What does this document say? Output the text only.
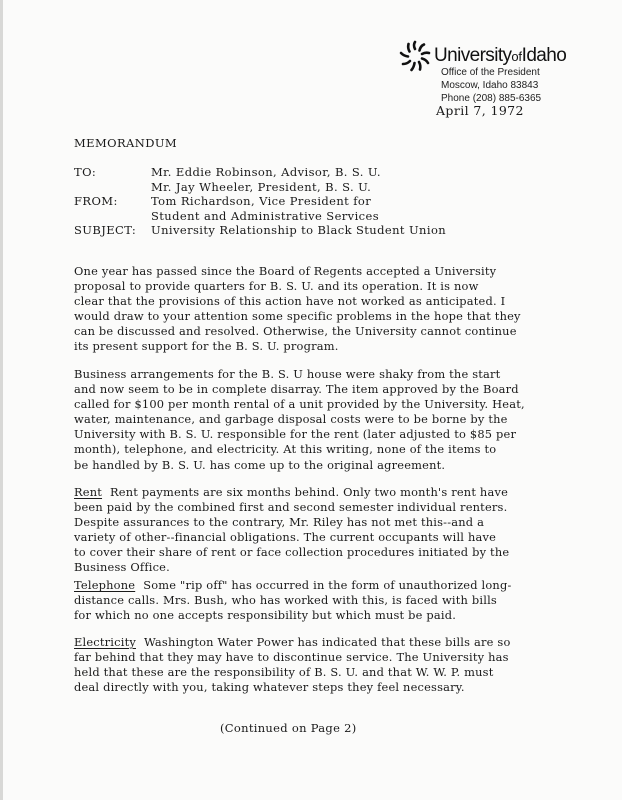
UniversityofIdaho
Office of the President
Moscow, Idaho 83843
Phone (208) 885-6365
April 7, 1972
MEMORANDUM
TO:	Mr. Eddie Robinson, Advisor, B. S. U.
Mr. Jay Wheeler, President, B. S. U.
FROM:	Tom Richardson, Vice President for
Student and Administrative Services
SUBJECT: University Relationship to Black Student Union
One year has passed since the Board of Regents accepted a University
proposal to provide quarters for B. S. U. and its operation. It is now
clear that the provisions of this action have not worked as anticipated. I
would draw to your attention some specific problems in the hope that they
can be discussed and resolved. Otherwise, the University cannot continue
its present support for the B. S. U. program.
Business arrangements for the B. S. U house were shaky from the start
and now seem to be in complete disarray. The item approved by the Board
called for $100 per month rental of a unit provided by the University. Heat,
water, maintenance, and garbage disposal costs were to be borne by the
University with B. S. U. responsible for the rent (later adjusted to $85 per
month), telephone, and electricity. At this writing, none of the items to
be handled by B. S. U. has come up to the original agreement.
Rent Rent payments are six months behind. Only two month's rent have
been paid by the combined first and second semester individual renters.
Despite assurances to the contrary, Mr. Riley has not met this--and a
variety of other--financial obligations. The current occupants will have
to cover their share of rent or face collection procedures initiated by the
Business Office.
Telephone Some "rip off" has occurred in the form of unauthorized long-
distance calls. Mrs. Bush, who has worked with this, is faced with bills
for which no one accepts responsibility but which must be paid.
Electricity Washington Water Power has indicated that these bills are so
far behind that they may have to discontinue service. The University has
held that these are the responsibility of B. S. U. and that W. W. P. must
deal directly with you, taking whatever steps they feel necessary.
(Continued on Page 2)
